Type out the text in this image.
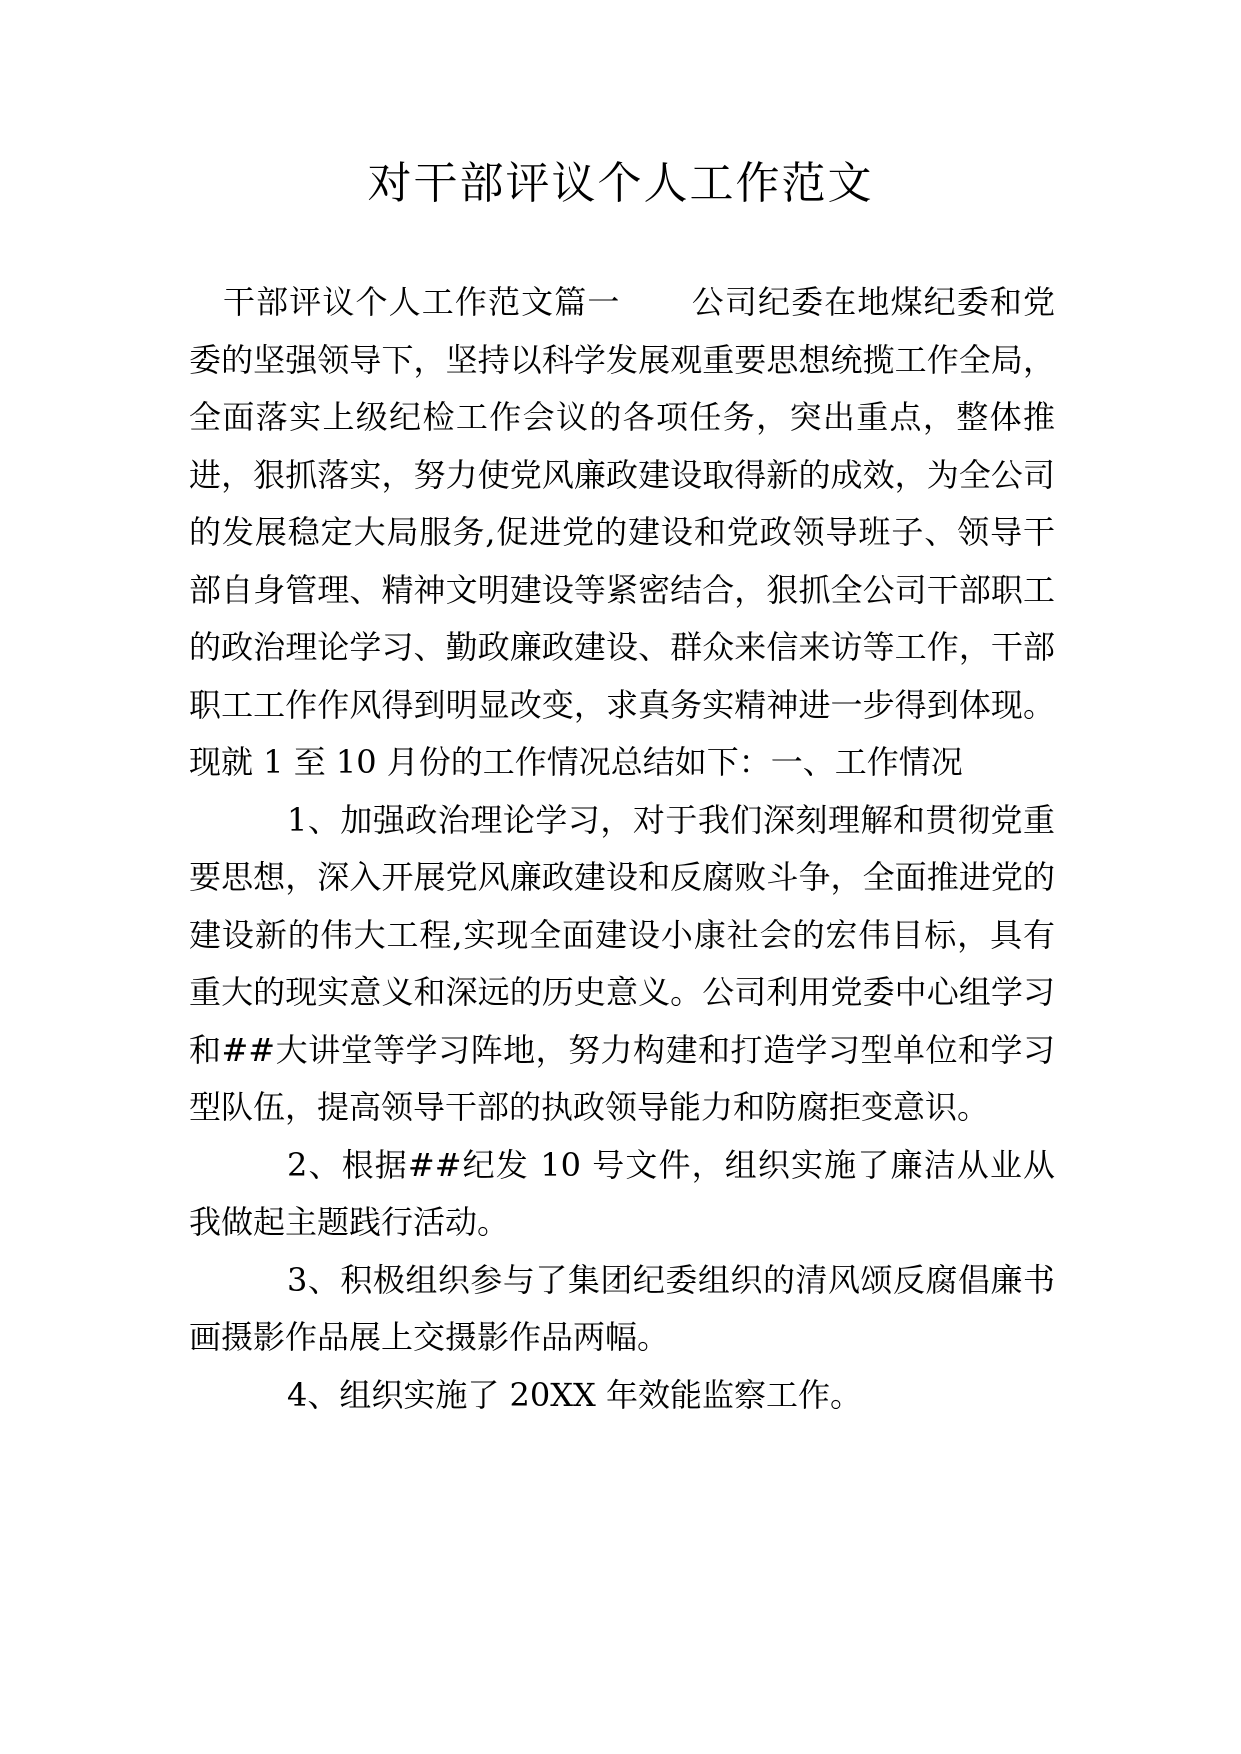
对干部评议个人工作范文

干部评议个人工作范文篇一 公司纪委在地煤纪委和党委的坚强领导下，坚持以科学发展观重要思想统揽工作全局，全面落实上级纪检工作会议的各项任务，突出重点，整体推进，狠抓落实，努力使党风廉政建设取得新的成效，为全公司的发展稳定大局服务,促进党的建设和党政领导班子、领导干部自身管理、精神文明建设等紧密结合，狠抓全公司干部职工的政治理论学习、勤政廉政建设、群众来信来访等工作，干部职工工作作风得到明显改变，求真务实精神进一步得到体现。现就 1 至 10 月份的工作情况总结如下：一、工作情况

1、加强政治理论学习，对于我们深刻理解和贯彻党重要思想，深入开展党风廉政建设和反腐败斗争，全面推进党的建设新的伟大工程,实现全面建设小康社会的宏伟目标，具有重大的现实意义和深远的历史意义。公司利用党委中心组学习和##大讲堂等学习阵地，努力构建和打造学习型单位和学习型队伍，提高领导干部的执政领导能力和防腐拒变意识。

2、根据##纪发 10 号文件，组织实施了廉洁从业从我做起主题践行活动。

3、积极组织参与了集团纪委组织的清风颂反腐倡廉书画摄影作品展上交摄影作品两幅。

4、组织实施了 20XX 年效能监察工作。
